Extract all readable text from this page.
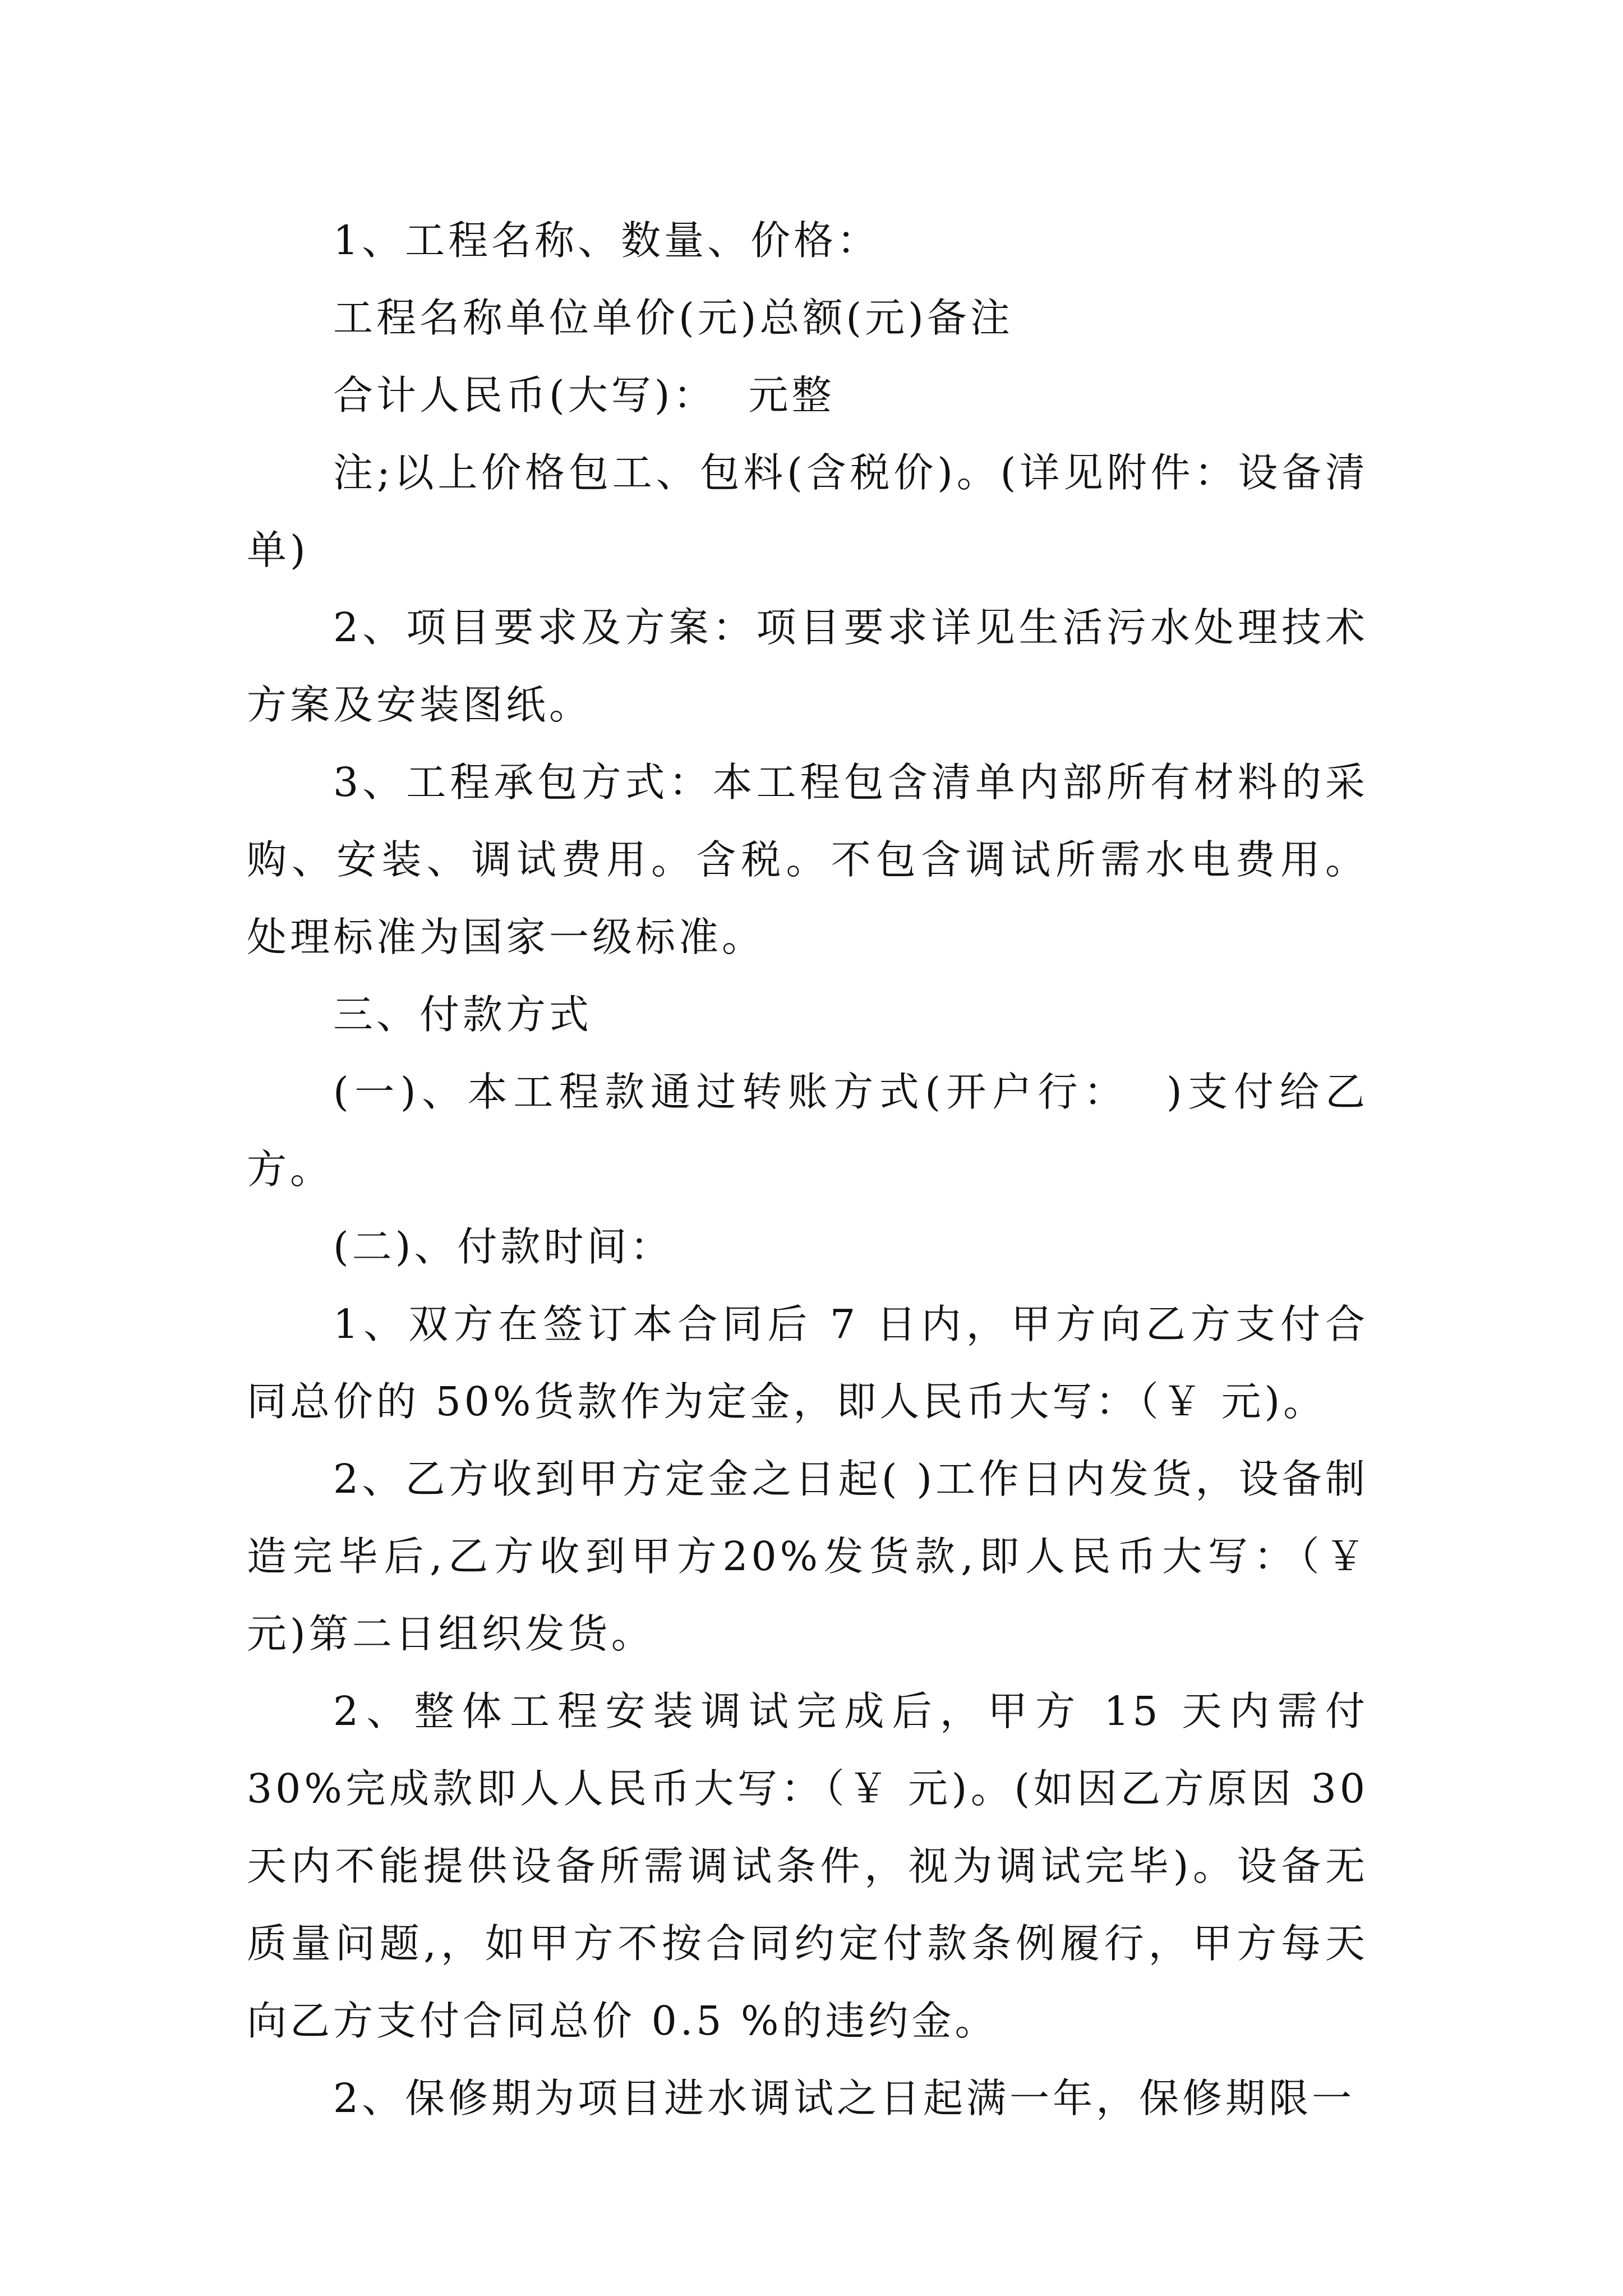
1、工程名称、数量、价格：

工程名称单位单价(元)总额(元)备注

合计人民币(大写)：  元整

注;以上价格包工、包料(含税价)。(详见附件：设备清单)

2、项目要求及方案：项目要求详见生活污水处理技术方案及安装图纸。

3、工程承包方式：本工程包含清单内部所有材料的采购、安装、调试费用。含税。不包含调试所需水电费用。处理标准为国家一级标准。

三、付款方式

(一)、本工程款通过转账方式(开户行：  )支付给乙方。

(二)、付款时间：

1、双方在签订本合同后 7 日内，甲方向乙方支付合同总价的 50%货款作为定金，即人民币大写：（￥ 元)。

2、乙方收到甲方定金之日起( )工作日内发货，设备制造完毕后,乙方收到甲方20%发货款,即人民币大写：（￥ 元)第二日组织发货。

2、整体工程安装调试完成后，甲方 15 天内需付 30%完成款即人人民币大写：（￥ 元)。(如因乙方原因 30 天内不能提供设备所需调试条件，视为调试完毕)。设备无质量问题,，如甲方不按合同约定付款条例履行，甲方每天向乙方支付合同总价 0.5 %的违约金。

2、保修期为项目进水调试之日起满一年，保修期限一
